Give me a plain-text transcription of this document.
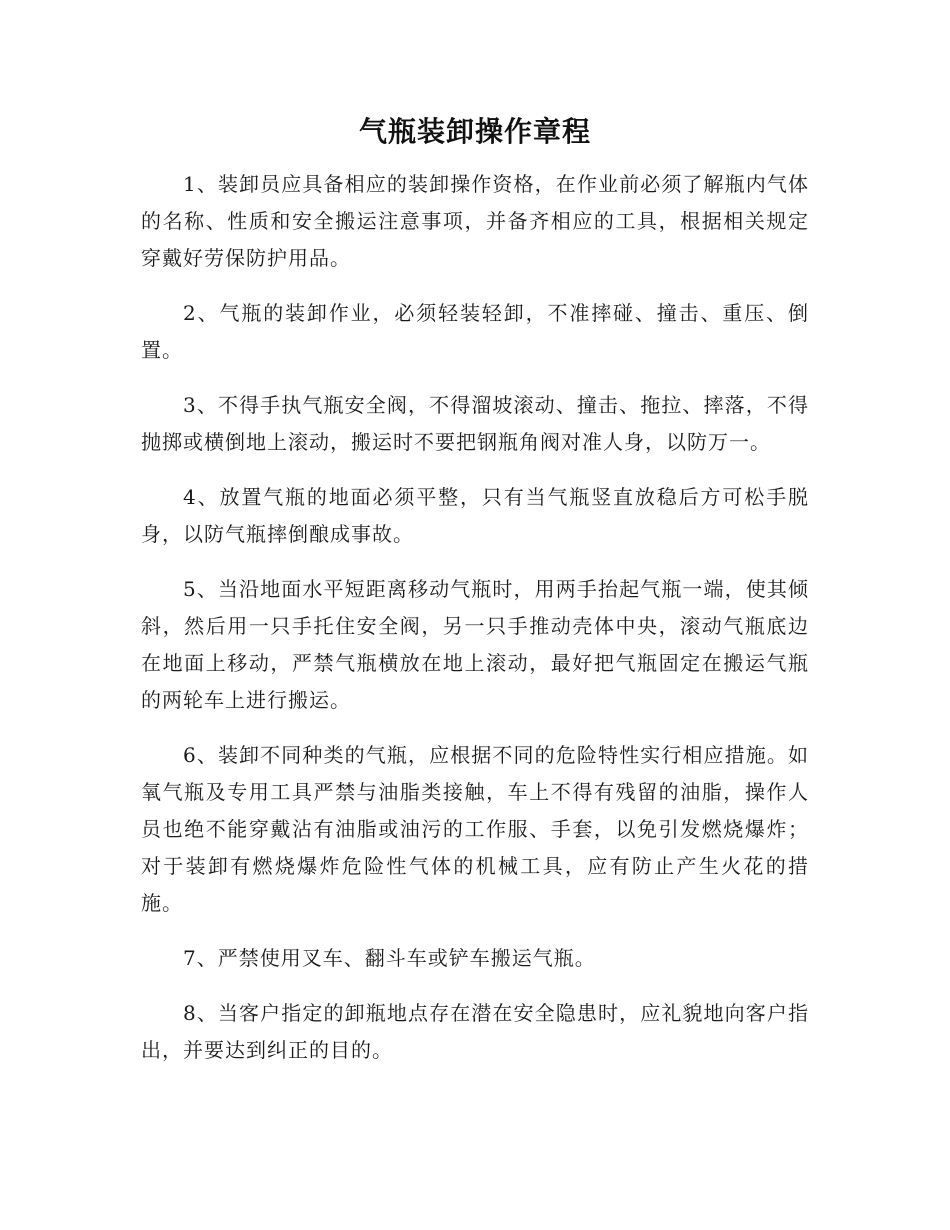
气瓶装卸操作章程

1、装卸员应具备相应的装卸操作资格，在作业前必须了解瓶内气体的名称、性质和安全搬运注意事项，并备齐相应的工具，根据相关规定穿戴好劳保防护用品。

2、气瓶的装卸作业，必须轻装轻卸，不准摔碰、撞击、重压、倒置。

3、不得手执气瓶安全阀，不得溜坡滚动、撞击、拖拉、摔落，不得抛掷或横倒地上滚动，搬运时不要把钢瓶角阀对准人身，以防万一。

4、放置气瓶的地面必须平整，只有当气瓶竖直放稳后方可松手脱身，以防气瓶摔倒酿成事故。

5、当沿地面水平短距离移动气瓶时，用两手抬起气瓶一端，使其倾斜，然后用一只手托住安全阀，另一只手推动壳体中央，滚动气瓶底边在地面上移动，严禁气瓶横放在地上滚动，最好把气瓶固定在搬运气瓶的两轮车上进行搬运。

6、装卸不同种类的气瓶，应根据不同的危险特性实行相应措施。如氧气瓶及专用工具严禁与油脂类接触，车上不得有残留的油脂，操作人员也绝不能穿戴沾有油脂或油污的工作服、手套，以免引发燃烧爆炸；对于装卸有燃烧爆炸危险性气体的机械工具，应有防止产生火花的措施。

7、严禁使用叉车、翻斗车或铲车搬运气瓶。

8、当客户指定的卸瓶地点存在潜在安全隐患时，应礼貌地向客户指出，并要达到纠正的目的。
